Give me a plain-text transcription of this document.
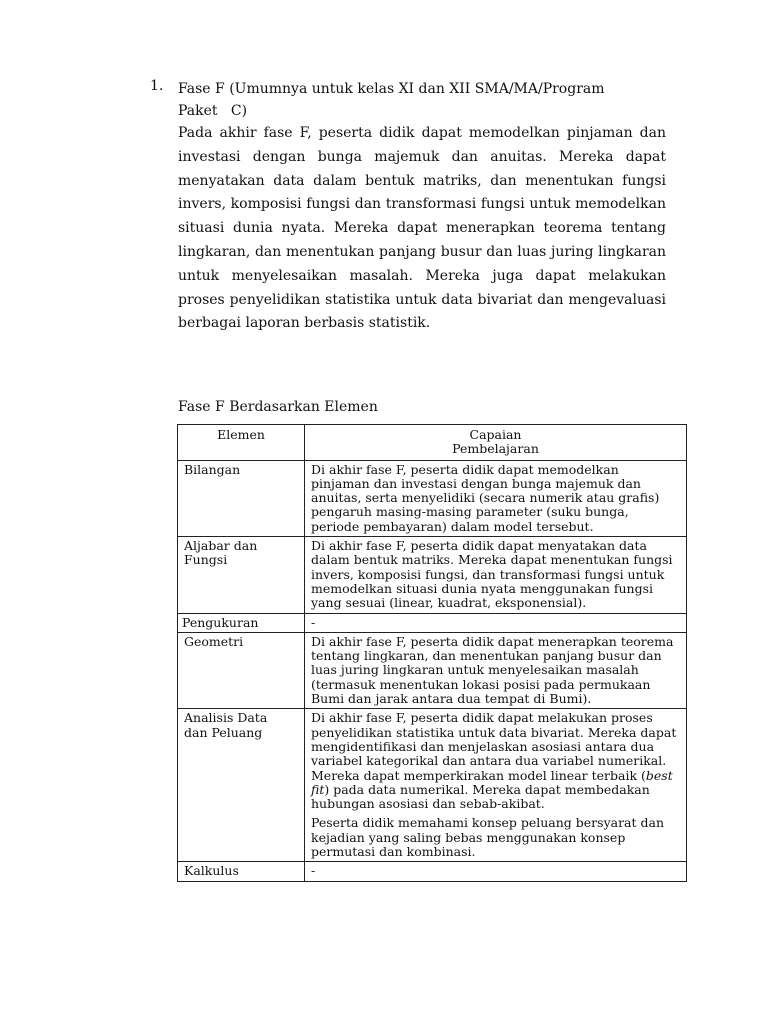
1. Fase F (Umumnya untuk kelas XI dan XII SMA/MA/Program
Paket   C)
Pada akhir fase F, peserta didik dapat memodelkan pinjaman dan investasi dengan bunga majemuk dan anuitas. Mereka dapat menyatakan data dalam bentuk matriks, dan menentukan fungsi invers, komposisi fungsi dan transformasi fungsi untuk memodelkan situasi dunia nyata. Mereka dapat menerapkan teorema tentang lingkaran, dan menentukan panjang busur dan luas juring lingkaran untuk menyelesaikan masalah. Mereka juga dapat melakukan proses penyelidikan statistika untuk data bivariat dan mengevaluasi berbagai laporan berbasis statistik.
Fase F Berdasarkan Elemen
Elemen	Capaian
Pembelajaran
Bilangan	Di akhir fase F, peserta didik dapat memodelkan pinjaman dan investasi dengan bunga majemuk dan anuitas, serta menyelidiki (secara numerik atau grafis) pengaruh masing-masing parameter (suku bunga, periode pembayaran) dalam model tersebut.
Aljabar dan Fungsi	Di akhir fase F, peserta didik dapat menyatakan data dalam bentuk matriks. Mereka dapat menentukan fungsi invers, komposisi fungsi, dan transformasi fungsi untuk memodelkan situasi dunia nyata menggunakan fungsi yang sesuai (linear, kuadrat, eksponensial).
Pengukuran	-
Geometri	Di akhir fase F, peserta didik dapat menerapkan teorema tentang lingkaran, dan menentukan panjang busur dan luas juring lingkaran untuk menyelesaikan masalah (termasuk menentukan lokasi posisi pada permukaan Bumi dan jarak antara dua tempat di Bumi).
Analisis Data dan Peluang	Di akhir fase F, peserta didik dapat melakukan proses penyelidikan statistika untuk data bivariat. Mereka dapat mengidentifikasi dan menjelaskan asosiasi antara dua variabel kategorikal dan antara dua variabel numerikal.
Mereka dapat memperkirakan model linear terbaik (best fit) pada data numerikal. Mereka dapat membedakan hubungan asosiasi dan sebab-akibat.
Peserta didik memahami konsep peluang bersyarat dan kejadian yang saling bebas menggunakan konsep permutasi dan kombinasi.

Kalkulus	-
